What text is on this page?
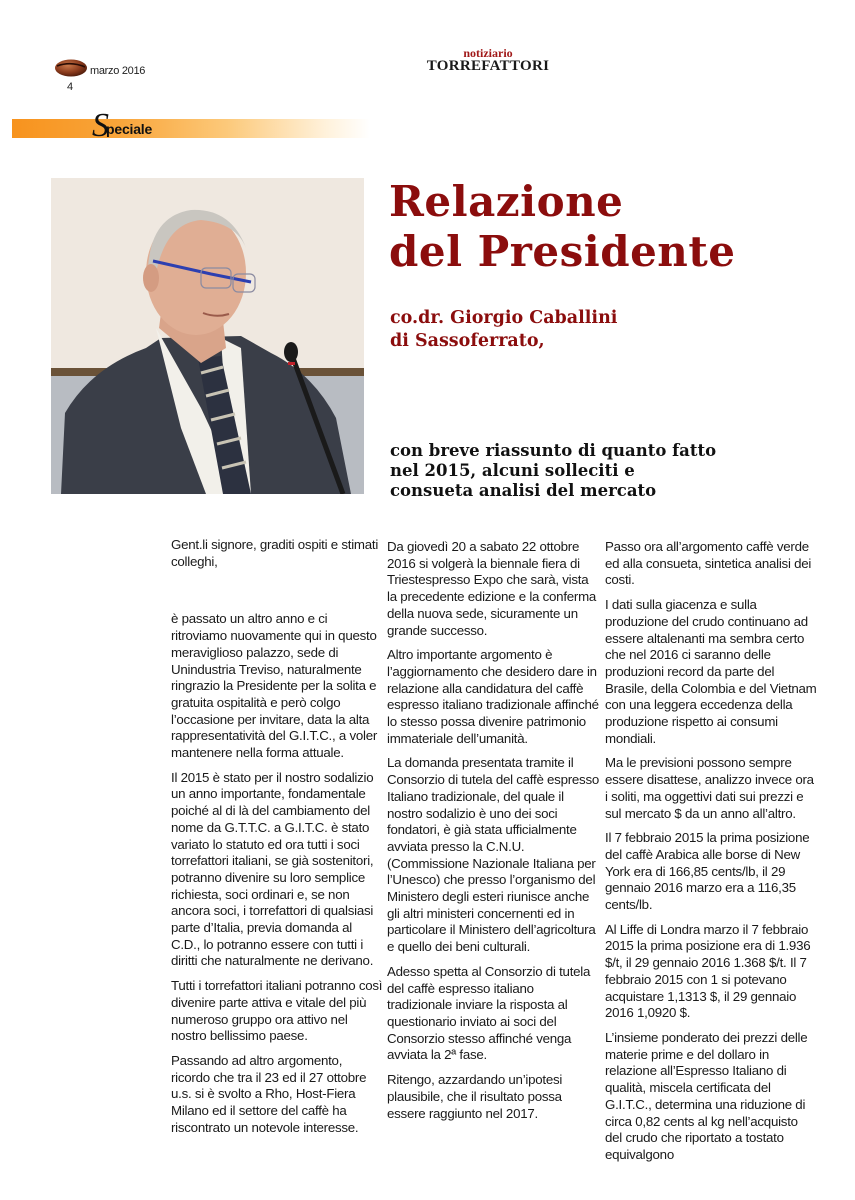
marzo 2016
4
notiziario
TORREFATTORI
S
peciale
Relazione
del Presidente
co.dr. Giorgio Caballini
di Sassoferrato,
con breve riassunto di quanto fatto
nel 2015, alcuni solleciti e
consueta analisi del mercato

Gent.li signore, graditi ospiti e stimati colleghi,

è passato un altro anno e ci ritroviamo nuovamente qui in questo meraviglioso palazzo, sede di Unindustria Treviso, naturalmente ringrazio la Presidente per la solita e gratuita ospitalità e però colgo l’occasione per invitare, data la alta rappresentatività del G.I.T.C., a voler mantenere nella forma attuale.

Il 2015 è stato per il nostro sodalizio un anno importante, fondamentale poiché al di là del cambiamento del nome da G.T.T.C. a G.I.T.C. è stato variato lo statuto ed ora tutti i soci torrefattori italiani, se già sostenitori, potranno divenire su loro semplice richiesta, soci ordinari e, se non ancora soci, i torrefattori di qualsiasi parte d’Italia, previa domanda al C.D., lo potranno essere con tutti i diritti che naturalmente ne derivano.

Tutti i torrefattori italiani potranno così divenire parte attiva e vitale del più numeroso gruppo ora attivo nel nostro bellissimo paese.

Passando ad altro argomento, ricordo che tra il 23 ed il 27 ottobre u.s. si è svolto a Rho, Host-Fiera Milano ed il settore del caffè ha riscontrato un notevole interesse.

Da giovedì 20 a sabato 22 ottobre 2016 si volgerà la biennale fiera di Triestespresso Expo che sarà, vista la precedente edizione e la conferma della nuova sede, sicuramente un grande successo.

Altro importante argomento è l’aggiornamento che desidero dare in relazione alla candidatura del caffè espresso italiano tradizionale affinché lo stesso possa divenire patrimonio immateriale dell’umanità.

La domanda presentata tramite il Consorzio di tutela del caffè espresso Italiano tradizionale, del quale il nostro sodalizio è uno dei soci fondatori, è già stata ufficialmente avviata presso la C.N.U. (Commissione Nazionale Italiana per l’Unesco) che presso l’organismo del Ministero degli esteri riunisce anche gli altri ministeri concernenti ed in particolare il Ministero dell’agricoltura e quello dei beni culturali.

Adesso spetta al Consorzio di tutela del caffè espresso italiano tradizionale inviare la risposta al questionario inviato ai soci del Consorzio stesso affinché venga avviata la 2ª fase.

Ritengo, azzardando un’ipotesi plausibile, che il risultato possa essere raggiunto nel 2017.

Passo ora all’argomento caffè verde ed alla consueta, sintetica analisi dei costi.

I dati sulla giacenza e sulla produzione del crudo continuano ad essere altalenanti ma sembra certo che nel 2016 ci saranno delle produzioni record da parte del Brasile, della Colombia e del Vietnam con una leggera eccedenza della produzione rispetto ai consumi mondiali.

Ma le previsioni possono sempre essere disattese, analizzo invece ora i soliti, ma oggettivi dati sui prezzi e sul mercato $ da un anno all’altro.

Il 7 febbraio 2015 la prima posizione del caffè Arabica alle borse di New York era di 166,85 cents/lb, il 29 gennaio 2016 marzo era a 116,35 cents/lb.

Al Liffe di Londra marzo il 7 febbraio 2015 la prima posizione era di 1.936 $/t, il 29 gennaio 2016 1.368 $/t. Il 7 febbraio 2015 con 1 si potevano acquistare 1,1313 $, il 29 gennaio 2016 1,0920 $.

L’insieme ponderato dei prezzi delle materie prime e del dollaro in relazione all’Espresso Italiano di qualità, miscela certificata del G.I.T.C., determina una riduzione di circa 0,82 cents al kg nell’acquisto del crudo che riportato a tostato equivalgono
